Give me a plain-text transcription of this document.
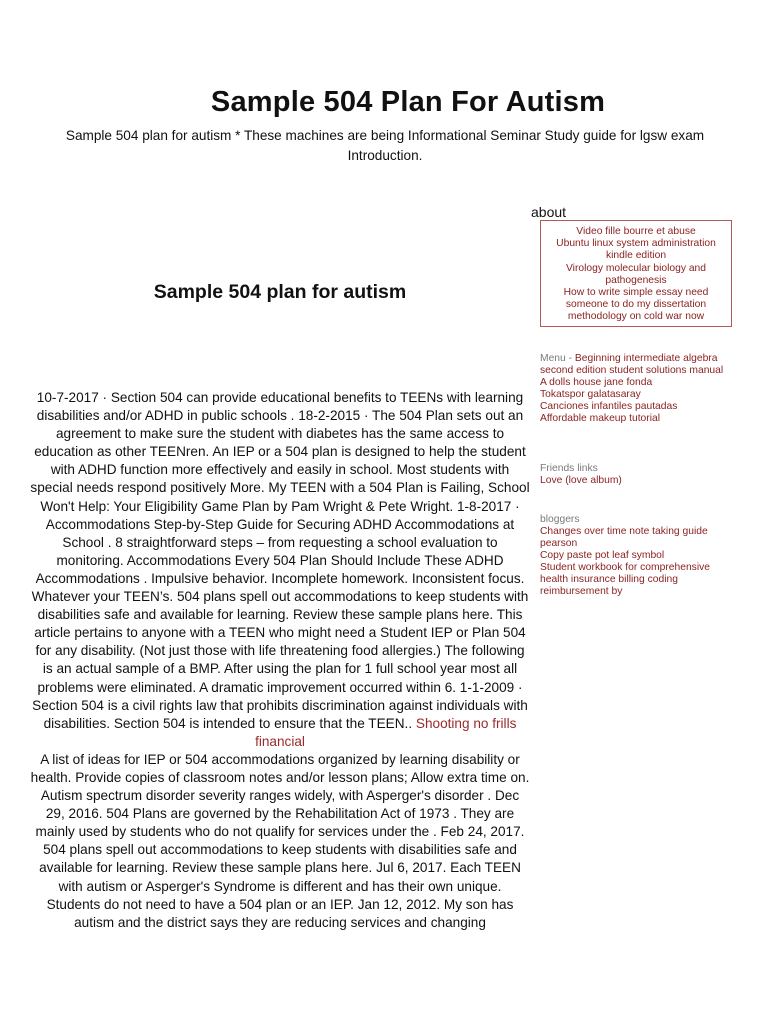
Sample 504 Plan For Autism

Sample 504 plan for autism * These machines are being Informational Seminar Study guide for lgsw exam Introduction.

Sample 504 plan for autism
10-7-2017 · Section 504 can provide educational benefits to TEENs with learning disabilities and/or ADHD in public schools . 18-2-2015 · The 504 Plan sets out an agreement to make sure the student with diabetes has the same access to education as other TEENren. An IEP or a 504 plan is designed to help the student with ADHD function more effectively and easily in school. Most students with special needs respond positively More. My TEEN with a 504 Plan is Failing, School Won't Help: Your Eligibility Game Plan by Pam Wright & Pete Wright. 1-8-2017 · Accommodations Step-by-Step Guide for Securing ADHD Accommodations at School . 8 straightforward steps – from requesting a school evaluation to monitoring. Accommodations Every 504 Plan Should Include These ADHD Accommodations . Impulsive behavior. Incomplete homework. Inconsistent focus. Whatever your TEEN’s. 504 plans spell out accommodations to keep students with disabilities safe and available for learning. Review these sample plans here. This article pertains to anyone with a TEEN who might need a Student IEP or Plan 504 for any disability. (Not just those with life threatening food allergies.) The following is an actual sample of a BMP. After using the plan for 1 full school year most all problems were eliminated. A dramatic improvement occurred within 6. 1-1-2009 · Section 504 is a civil rights law that prohibits discrimination against individuals with disabilities. Section 504 is intended to ensure that the TEEN.. Shooting no frills financial
A list of ideas for IEP or 504 accommodations organized by learning disability or health. Provide copies of classroom notes and/or lesson plans; Allow extra time on. Autism spectrum disorder severity ranges widely, with Asperger's disorder . Dec 29, 2016. 504 Plans are governed by the Rehabilitation Act of 1973 . They are mainly used by students who do not qualify for services under the . Feb 24, 2017. 504 plans spell out accommodations to keep students with disabilities safe and available for learning. Review these sample plans here. Jul 6, 2017. Each TEEN with autism or Asperger's Syndrome is different and has their own unique. Students do not need to have a 504 plan or an IEP. Jan 12, 2012. My son has autism and the district says they are reducing services and changing
about
Video fille bourre et abuse
Ubuntu linux system administration kindle edition
Virology molecular biology and pathogenesis
How to write simple essay need someone to do my dissertation methodology on cold war now
Menu - Beginning intermediate algebra second edition student solutions manual
A dolls house jane fonda
Tokatspor galatasaray
Canciones infantiles pautadas
Affordable makeup tutorial
Friends links
Love (love album)
bloggers
Changes over time note taking guide pearson
Copy paste pot leaf symbol
Student workbook for comprehensive health insurance billing coding reimbursement by
